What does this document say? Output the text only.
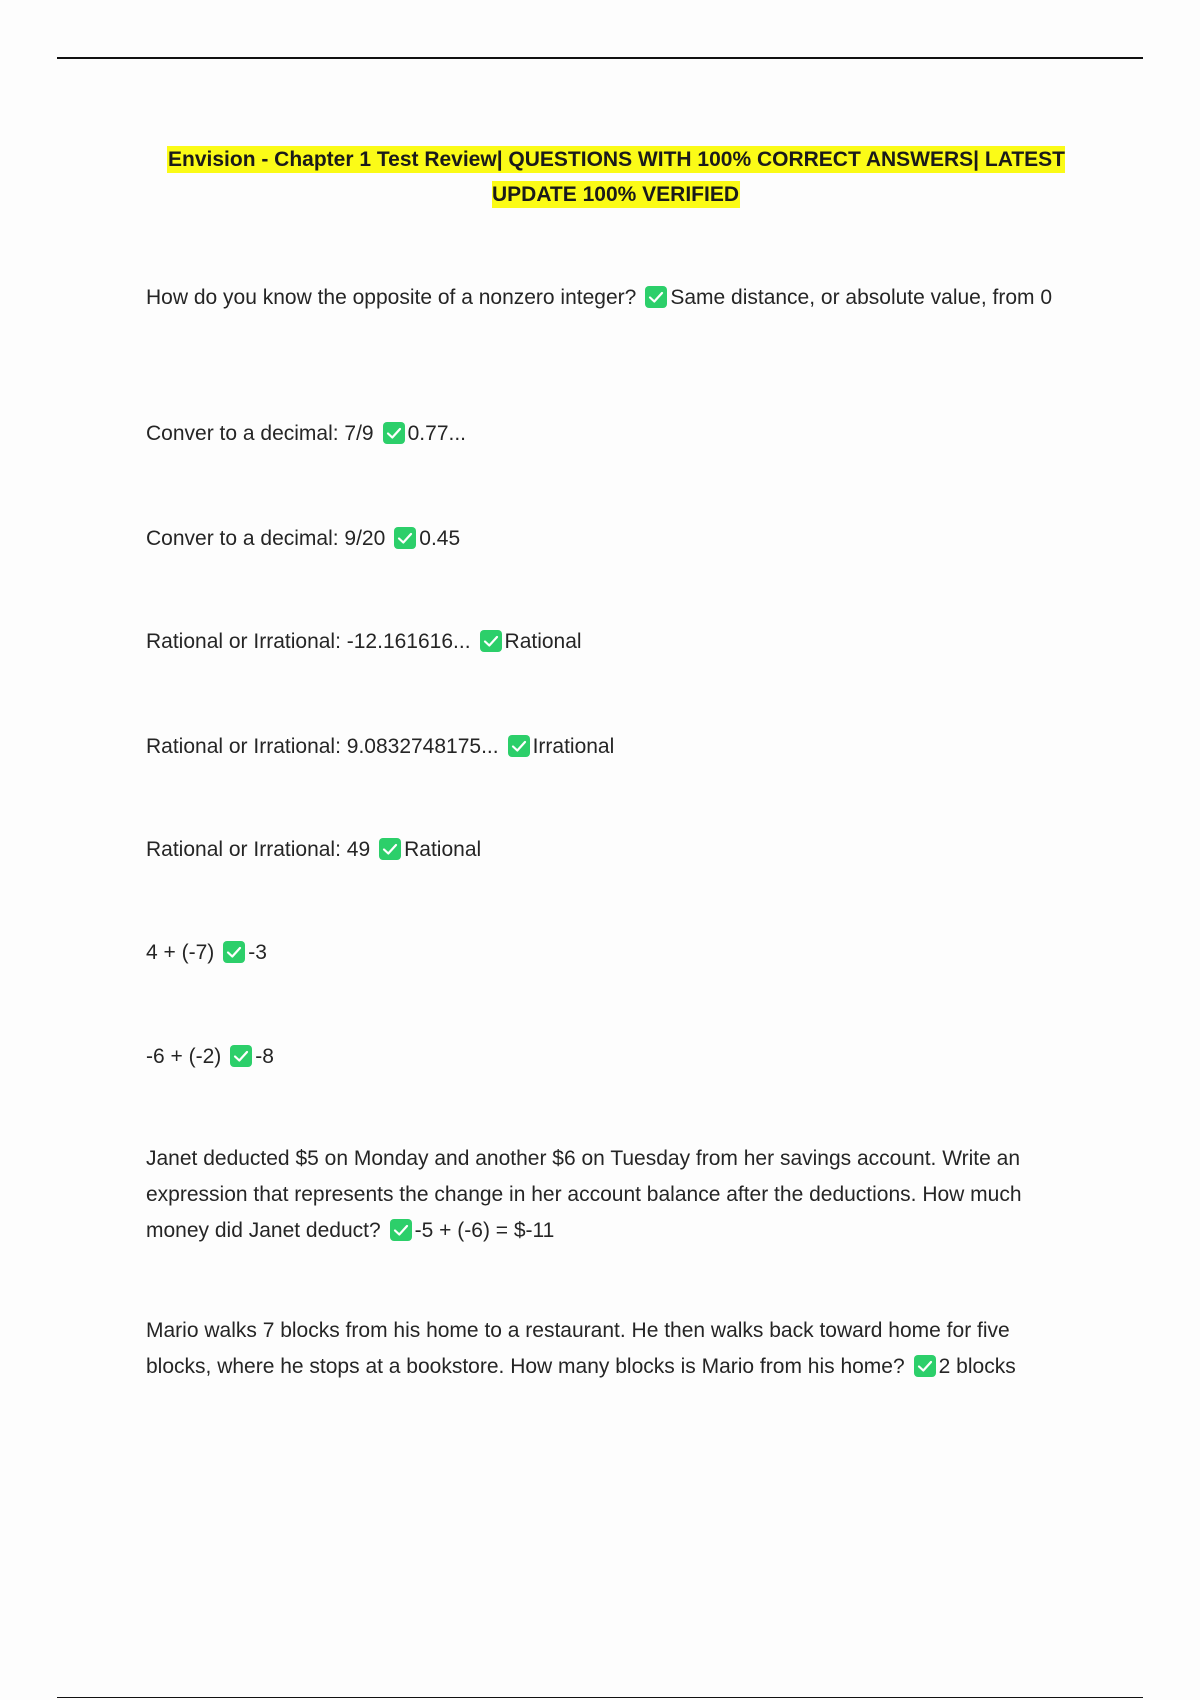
Envision - Chapter 1 Test Review| QUESTIONS WITH 100% CORRECT ANSWERS| LATEST UPDATE 100% VERIFIED
How do you know the opposite of a nonzero integer? Same distance, or absolute value, from 0
Conver to a decimal: 7/9 0.77...
Conver to a decimal: 9/20 0.45
Rational or Irrational: -12.161616... Rational
Rational or Irrational: 9.0832748175... Irrational
Rational or Irrational: 49 Rational
4 + (-7) -3
-6 + (-2) -8
Janet deducted $5 on Monday and another $6 on Tuesday from her savings account. Write an expression that represents the change in her account balance after the deductions. How much money did Janet deduct? -5 + (-6) = $-11
Mario walks 7 blocks from his home to a restaurant. He then walks back toward home for five blocks, where he stops at a bookstore. How many blocks is Mario from his home? 2 blocks
